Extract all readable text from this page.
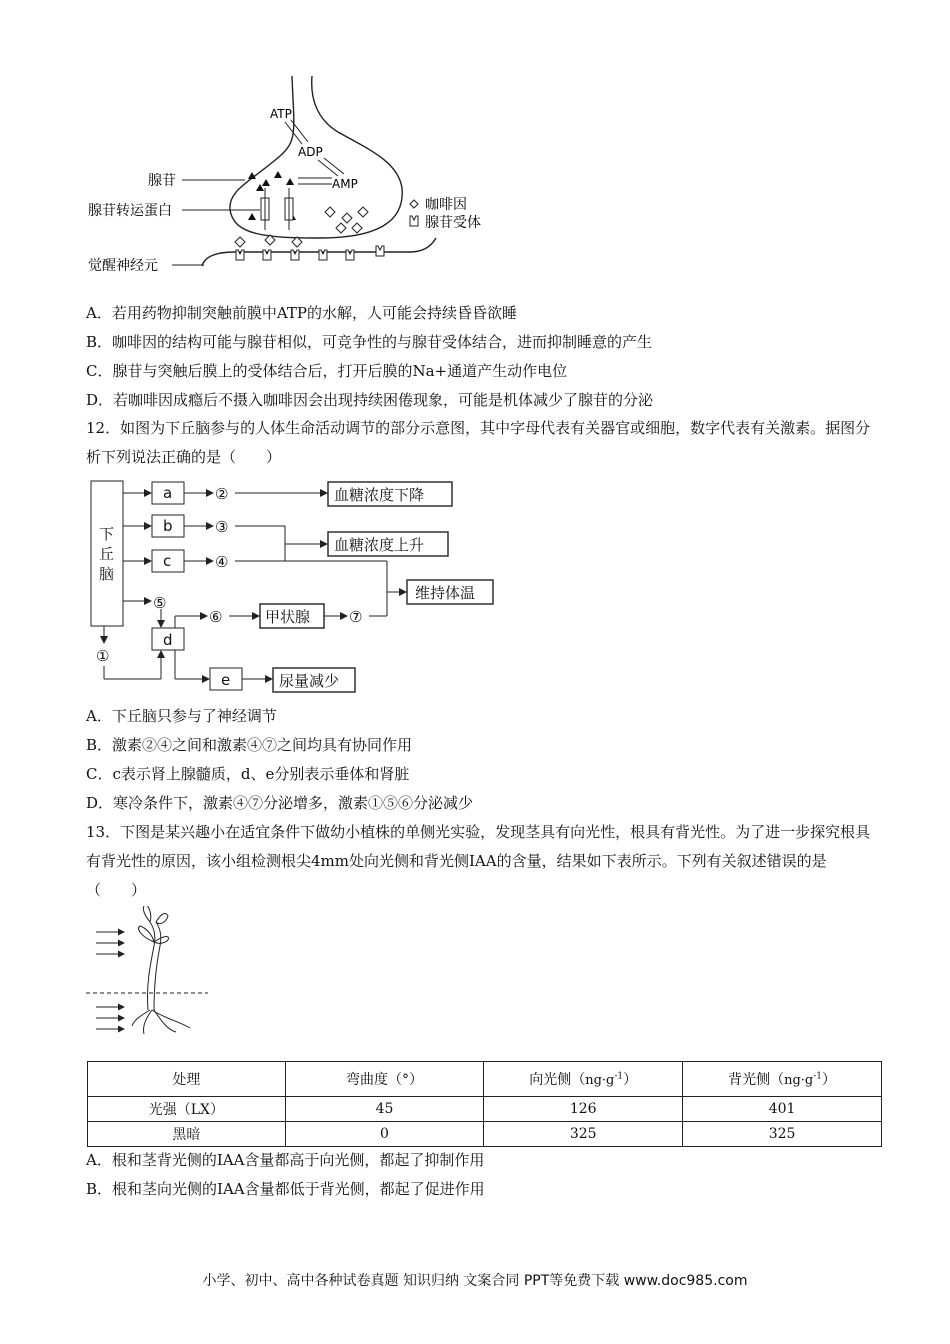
ATP
ADP
AMP
腺苷
腺苷转运蛋白
觉醒神经元
咖啡因
腺苷受体
A．若用药物抑制突触前膜中ATP的水解，人可能会持续昏昏欲睡
B．咖啡因的结构可能与腺苷相似，可竞争性的与腺苷受体结合，进而抑制睡意的产生
C．腺苷与突触后膜上的受体结合后，打开后膜的Na+通道产生动作电位
D．若咖啡因成瘾后不摄入咖啡因会出现持续困倦现象，可能是机体减少了腺苷的分泌
12．如图为下丘脑参与的人体生命活动调节的部分示意图，其中字母代表有关器官或细胞，数字代表有关激素。据图分析下列说法正确的是（　　）
下
丘
脑
a
b
c
d
e
②
③
④
⑤
⑥	⑦
①
血糖浓度下降
血糖浓度上升
维持体温
甲状腺
尿量减少
A．下丘脑只参与了神经调节
B．激素②④之间和激素④⑦之间均具有协同作用
C．c表示肾上腺髓质，d、e分别表示垂体和肾脏
D．寒冷条件下，激素④⑦分泌增多，激素①⑤⑥分泌减少
13．下图是某兴趣小在适宜条件下做幼小植株的单侧光实验，发现茎具有向光性，根具有背光性。为了进一步探究根具有背光性的原因，该小组检测根尖4mm处向光侧和背光侧IAA的含量，结果如下表所示。下列有关叙述错误的是（　　）
处理	弯曲度（°）	向光侧$(ng\cdot g^{-1})$	背光侧$(ng\cdot g^{-1})$
光强（LX）	45	126	401
黑暗	0	325	325
A．根和茎背光侧的IAA含量都高于向光侧，都起了抑制作用
B．根和茎向光侧的IAA含量都低于背光侧，都起了促进作用
小学、初中、高中各种试卷真题 知识归纳 文案合同 PPT等免费下载 www.doc985.com
